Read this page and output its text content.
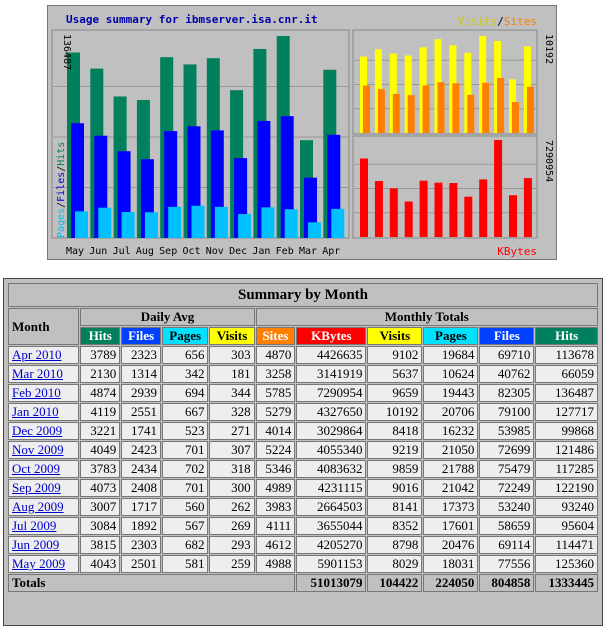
May Jun Jul Aug Sep Oct Nov Dec Jan Feb Mar Apr
Usage summary for ibmserver.isa.cnr.it	Visits/Sites
KBytes
136487	10192
7290954
Pages/Files/Hits
Summary by Month										
Month	Daily Avg				Monthly Totals					
	Hits	Files	Pages	Visits	Sites	KBytes	Visits	Pages	Files	Hits
Apr 2010	3789	2323	656	303	4870	4426635	9102	19684	69710	113678
Mar 2010	2130	1314	342	181	3258	3141919	5637	10624	40762	66059
Feb 2010	4874	2939	694	344	5785	7290954	9659	19443	82305	136487
Jan 2010	4119	2551	667	328	5279	4327650	10192	20706	79100	127717
Dec 2009	3221	1741	523	271	4014	3029864	8418	16232	53985	99868
Nov 2009	4049	2423	701	307	5224	4055340	9219	21050	72699	121486
Oct 2009	3783	2434	702	318	5346	4083632	9859	21788	75479	117285
Sep 2009	4073	2408	701	300	4989	4231115	9016	21042	72249	122190
Aug 2009	3007	1717	560	262	3983	2664503	8141	17373	53240	93240
Jul 2009	3084	1892	567	269	4111	3655044	8352	17601	58659	95604
Jun 2009	3815	2303	682	293	4612	4205270	8798	20476	69114	114471
May 2009	4043	2501	581	259	4988	5901153	8029	18031	77556	125360
Totals						51013079	104422	224050	804858	1333445
